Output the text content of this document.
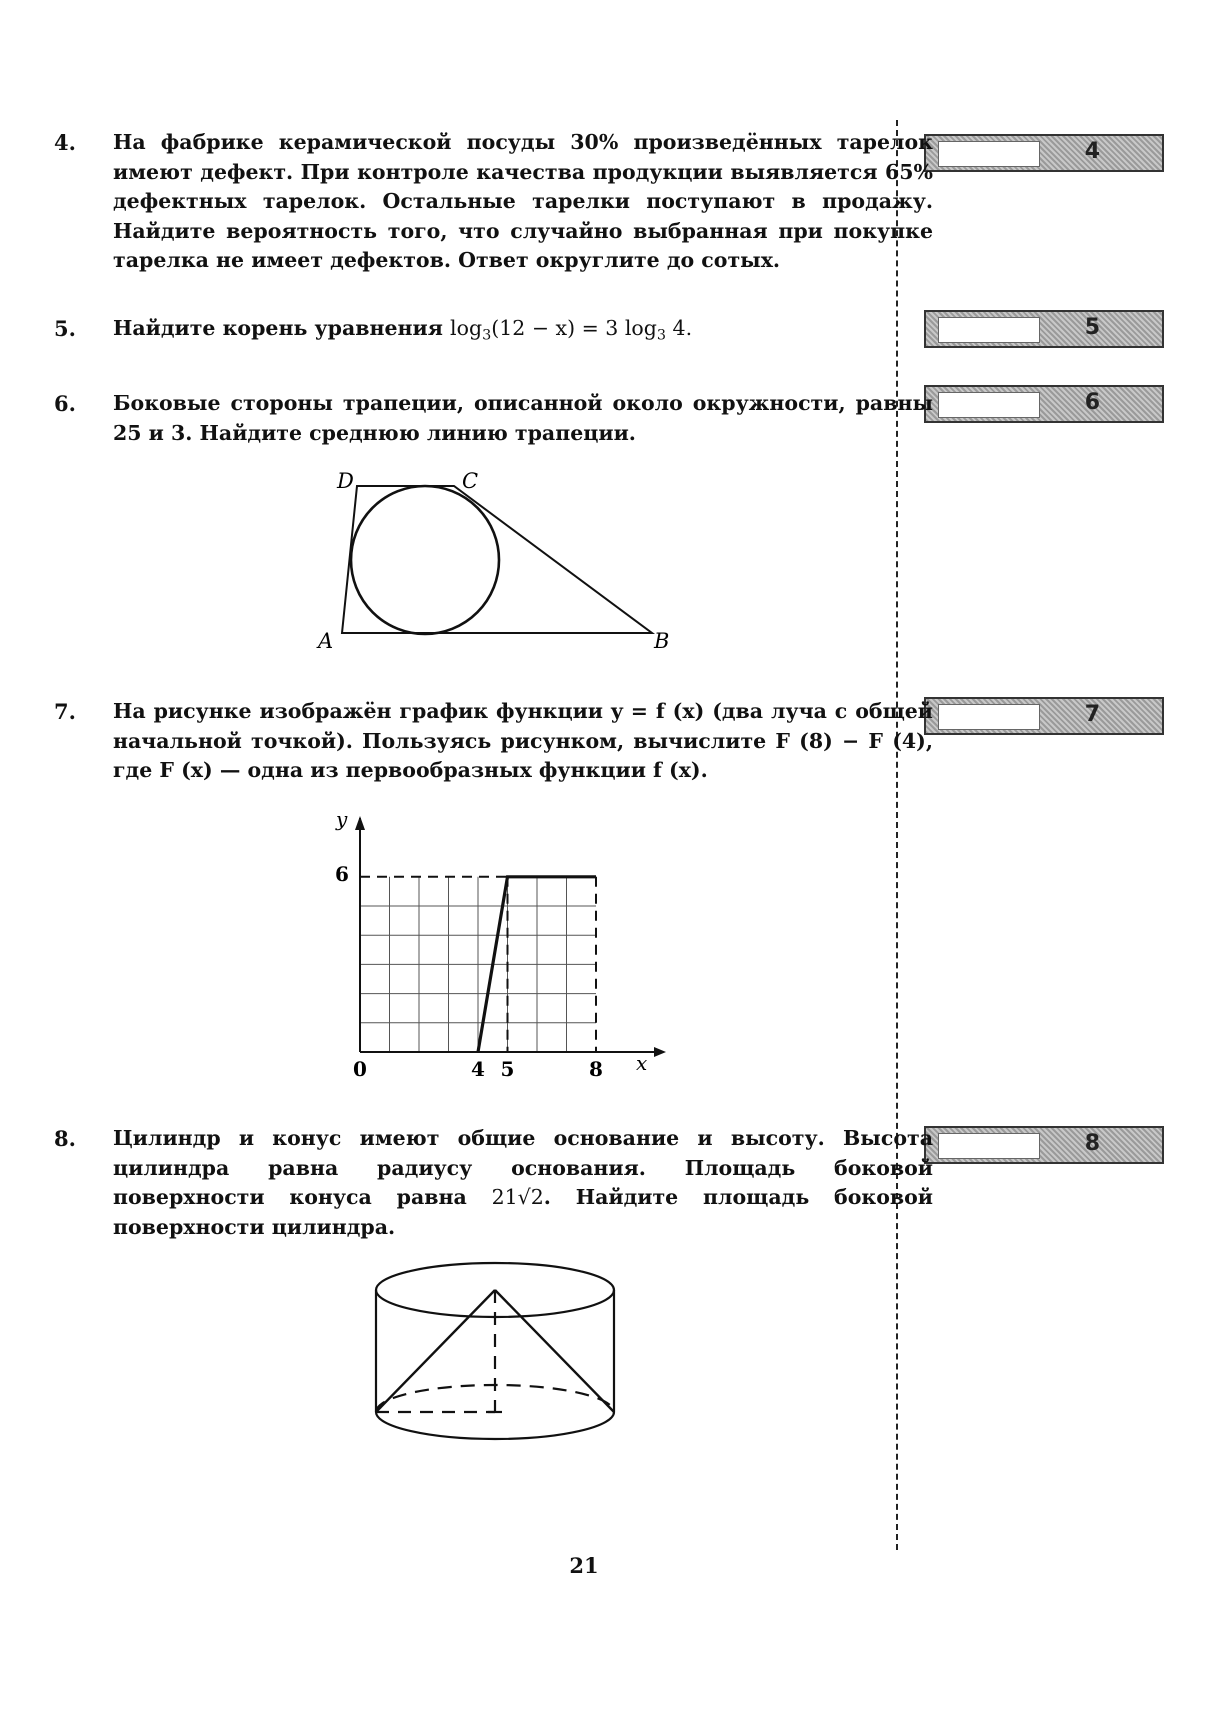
4
5
6
7
8
4. На фабрике керамической посуды 30% произведённых тарелок имеют дефект. При контроле качества продукции выявляется 65% дефектных тарелок. Остальные тарелки поступают в продажу. Найдите вероятность того, что случайно выбранная при покупке тарелка не имеет дефектов. Ответ округлите до сотых.
5. Найдите корень уравнения $\log_3(12 - x) = 3$ $\log_3 4$.
6. Боковые стороны трапеции, описанной около окружности, равны 25 и 3. Найдите среднюю линию трапеции.
D	C
A	B
7. На рисунке изображён график функции y = f (x) (два луча с общей начальной точкой). Пользуясь рисунком, вычислите F (8) − F (4), где F (x) — одна из первообразных функции f (x).
y
x
6
0	4 5	8
8. Цилиндр и конус имеют общие основание и высоту. Высота цилиндра равна радиусу основания. Площадь боковой поверхности конуса равна 21√2. Найдите площадь боковой поверхности цилиндра.
21
